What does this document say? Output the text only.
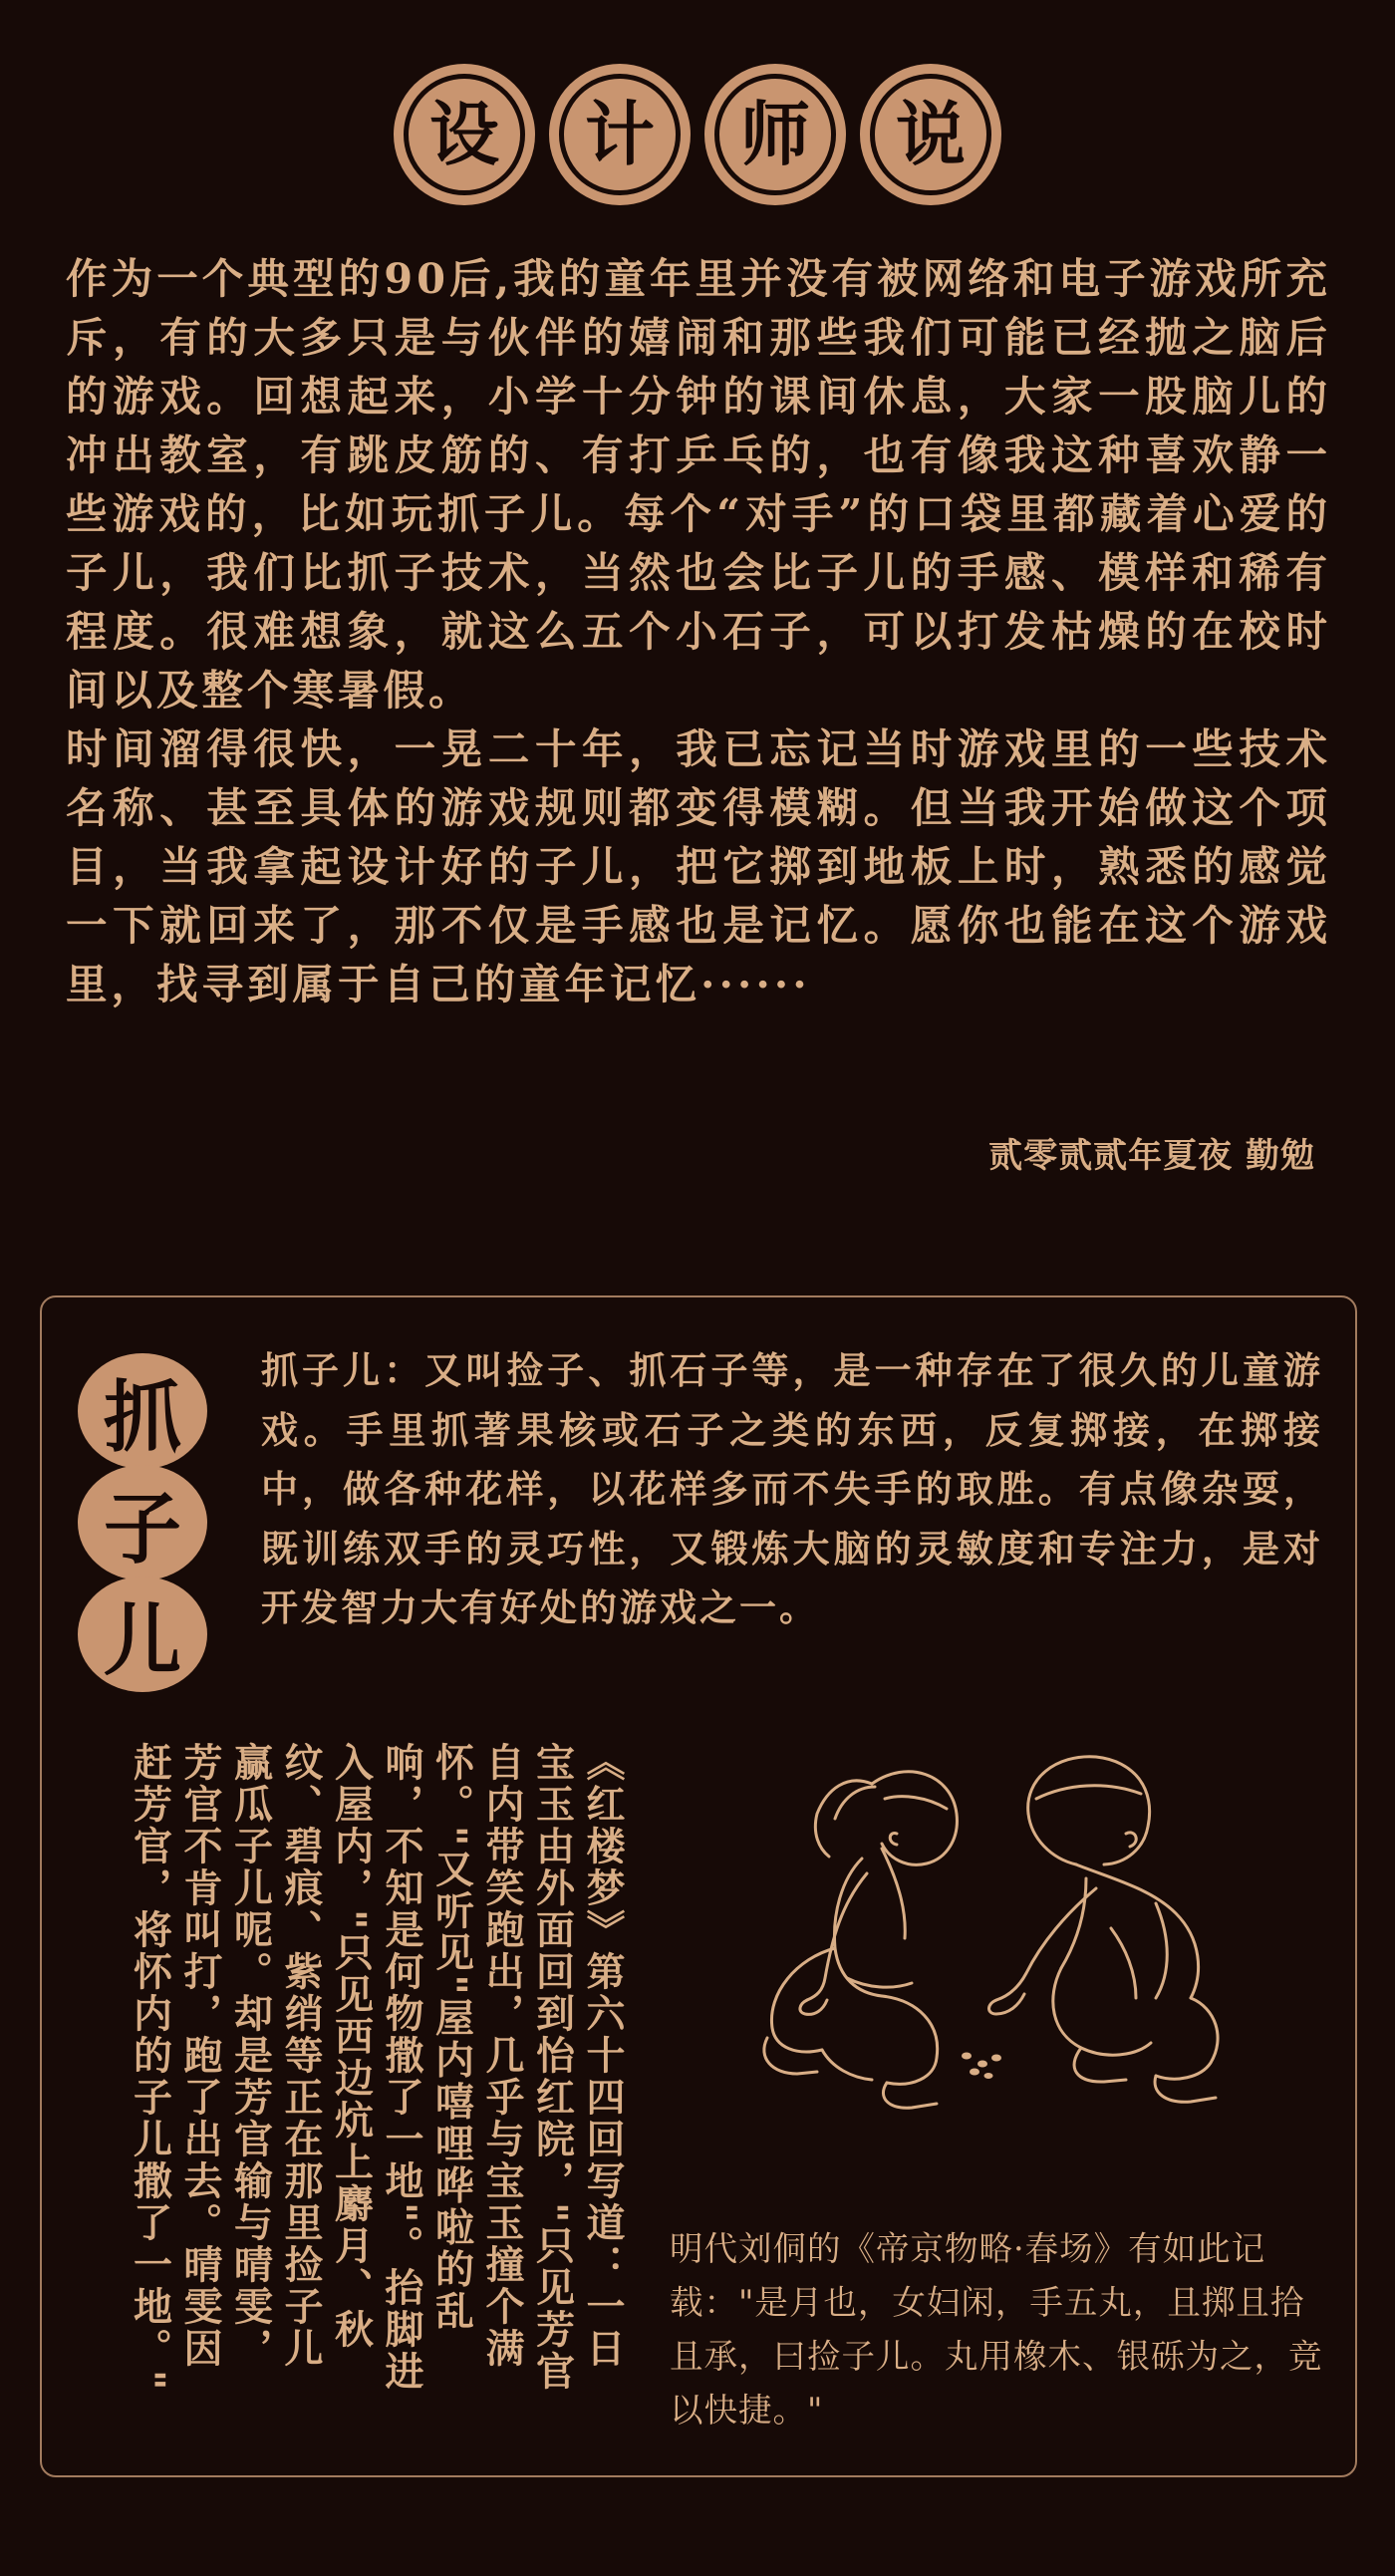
设	计	师	说

作为一个典型的90后,我的童年里并没有被网络和电子游戏所充斥，有的大多只是与伙伴的嬉闹和那些我们可能已经抛之脑后的游戏。回想起来，小学十分钟的课间休息，大家一股脑儿的冲出教室，有跳皮筋的、有打乒乓的，也有像我这种喜欢静一些游戏的，比如玩抓子儿。每个“对手”的口袋里都藏着心爱的子儿，我们比抓子技术，当然也会比子儿的手感、模样和稀有程度。很难想象，就这么五个小石子，可以打发枯燥的在校时间以及整个寒暑假。

时间溜得很快，一晃二十年，我已忘记当时游戏里的一些技术名称、甚至具体的游戏规则都变得模糊。但当我开始做这个项目，当我拿起设计好的子儿，把它掷到地板上时，熟悉的感觉一下就回来了，那不仅是手感也是记忆。愿你也能在这个游戏里，找寻到属于自己的童年记忆······

贰零贰贰年夏夜 勤勉
抓
子
儿
抓子儿：又叫捡子、抓石子等，是一种存在了很久的儿童游戏。手里抓著果核或石子之类的东西，反复掷接，在掷接中，做各种花样，以花样多而不失手的取胜。有点像杂耍，既训练双手的灵巧性，又锻炼大脑的灵敏度和专注力，是对开发智力大有好处的游戏之一。
《红楼梦》第六十四回写道：一日宝玉由外面回到怡红院，"只见芳官自内带笑跑出，几乎与宝玉撞个满怀。"又听见"屋内嘻哩哗啦的乱响，不知是何物撒了一地"。抬脚进入屋内，"只见西边炕上麝月、秋纹、碧痕、紫绡等正在那里捡子儿赢瓜子儿呢。却是芳官输与晴雯，芳官不肯叫打，跑了出去。晴雯因赶芳官，将怀内的子儿撒了一地。"	明代刘侗的《帝京物略·春场》有如此记载："是月也，女妇闲，手五丸，且掷且拾且承，曰捡子儿。丸用橡木、银砾为之，竞以快捷。"
